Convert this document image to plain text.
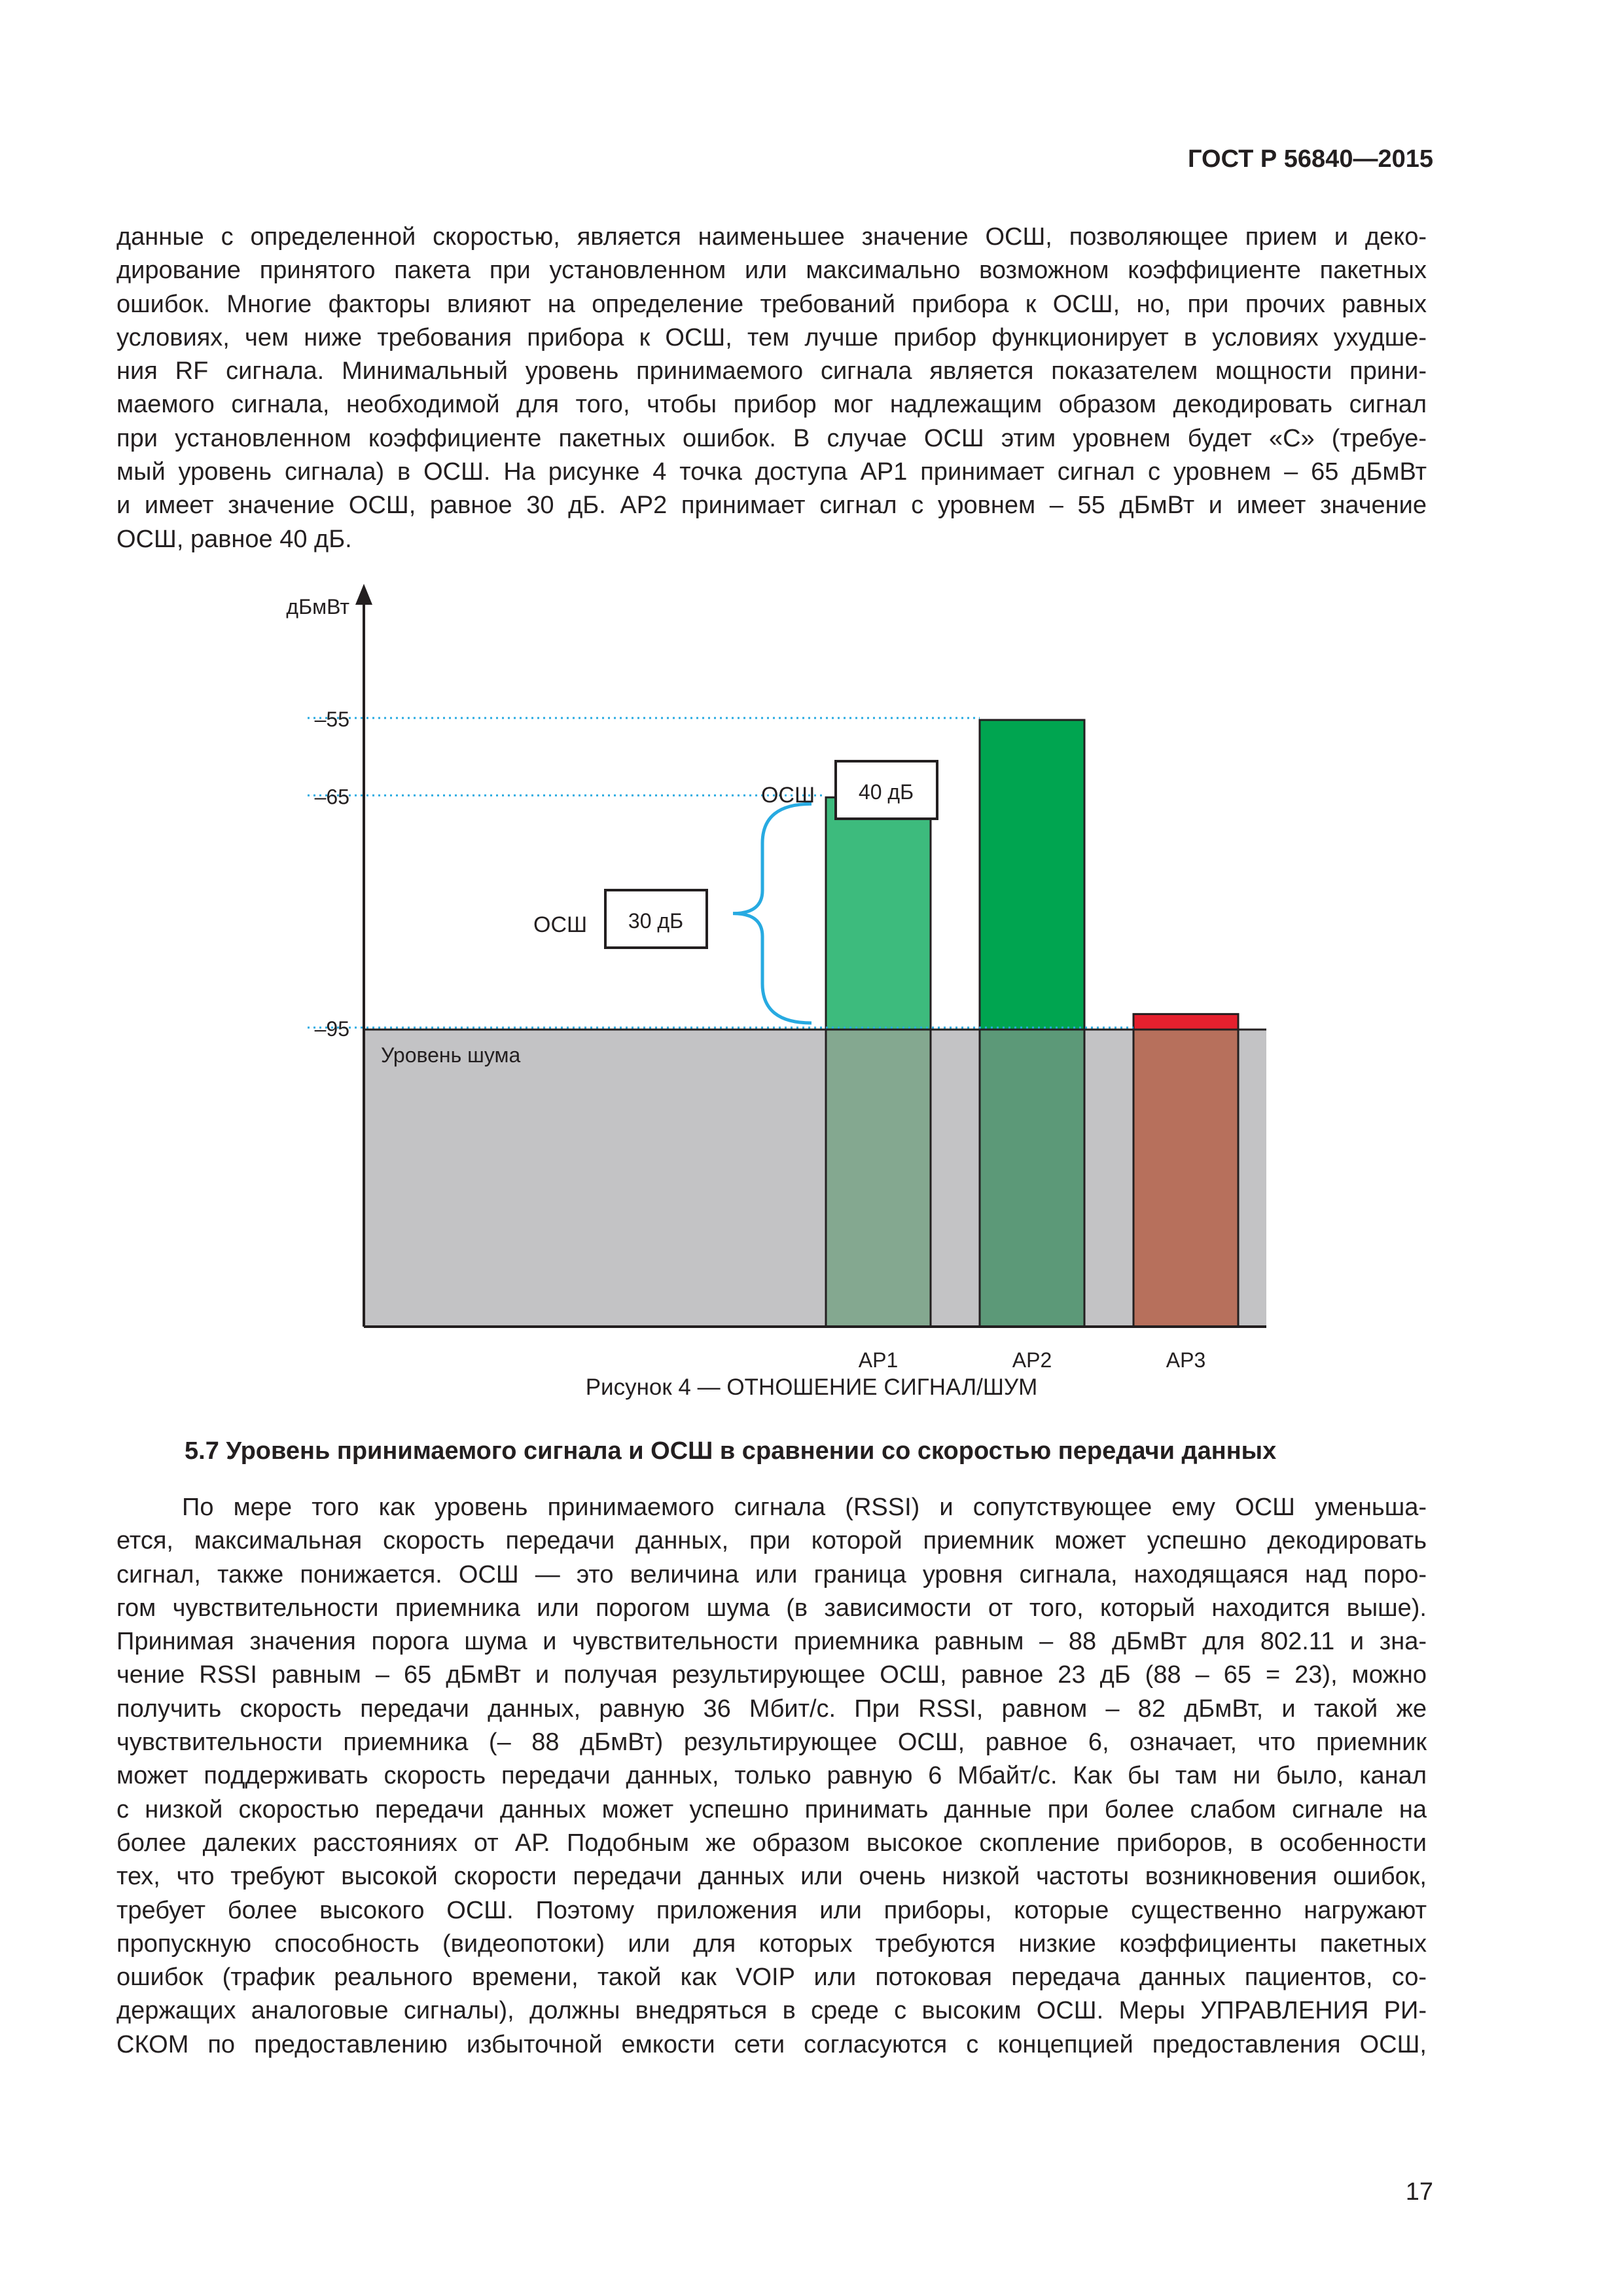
ГОСТ Р 56840—2015

данные с определенной скоростью, является наименьшее значение ОСШ, позволяющее прием и деко-
дирование принятого пакета при установленном или максимально возможном коэффициенте пакетных
ошибок. Многие факторы влияют на определение требований прибора к ОСШ, но, при прочих равных
условиях, чем ниже требования прибора к ОСШ, тем лучше прибор функционирует в условиях ухудше-
ния RF сигнала. Минимальный уровень принимаемого сигнала является показателем мощности прини-
маемого сигнала, необходимой для того, чтобы прибор мог надлежащим образом декодировать сигнал
при установленном коэффициенте пакетных ошибок. В случае ОСШ этим уровнем будет «С» (требуе-
мый уровень сигнала) в ОСШ. На рисунке 4 точка доступа АР1 принимает сигнал с уровнем – 65 дБмВт
и имеет значение ОСШ, равное 30 дБ. АР2 принимает сигнал с уровнем – 55 дБмВт и имеет значение
ОСШ, равное 40 дБ.

Уровень шума
АР1	АР2	АР3
–55
–65
–95
дБмВт
ОСШ 30 дБ
ОСШ 40 дБ
Рисунок 4 — ОТНОШЕНИЕ СИГНАЛ/ШУМ
5.7 Уровень принимаемого сигнала и ОСШ в сравнении со скоростью передачи данных

По мере того как уровень принимаемого сигнала (RSSI) и сопутствующее ему ОСШ уменьша-
ется, максимальная скорость передачи данных, при которой приемник может успешно декодировать
сигнал, также понижается. ОСШ — это величина или граница уровня сигнала, находящаяся над поро-
гом чувствительности приемника или порогом шума (в зависимости от того, который находится выше).
Принимая значения порога шума и чувствительности приемника равным – 88 дБмВт для 802.11 и зна-
чение RSSI равным – 65 дБмВт и получая результирующее ОСШ, равное 23 дБ (88 – 65 = 23), можно
получить скорость передачи данных, равную 36 Мбит/с. При RSSI, равном – 82 дБмВт, и такой же
чувствительности приемника (– 88 дБмВт) результирующее ОСШ, равное 6, означает, что приемник
может поддерживать скорость передачи данных, только равную 6 Мбайт/с. Как бы там ни было, канал
с низкой скоростью передачи данных может успешно принимать данные при более слабом сигнале на
более далеких расстояниях от АР. Подобным же образом высокое скопление приборов, в особенности
тех, что требуют высокой скорости передачи данных или очень низкой частоты возникновения ошибок,
требует более высокого ОСШ. Поэтому приложения или приборы, которые существенно нагружают
пропускную способность (видеопотоки) или для которых требуются низкие коэффициенты пакетных
ошибок (трафик реального времени, такой как VOIP или потоковая передача данных пациентов, со-
держащих аналоговые сигналы), должны внедряться в среде с высоким ОСШ. Меры УПРАВЛЕНИЯ РИ-
СКОМ по предоставлению избыточной емкости сети согласуются с концепцией предоставления ОСШ,

17
